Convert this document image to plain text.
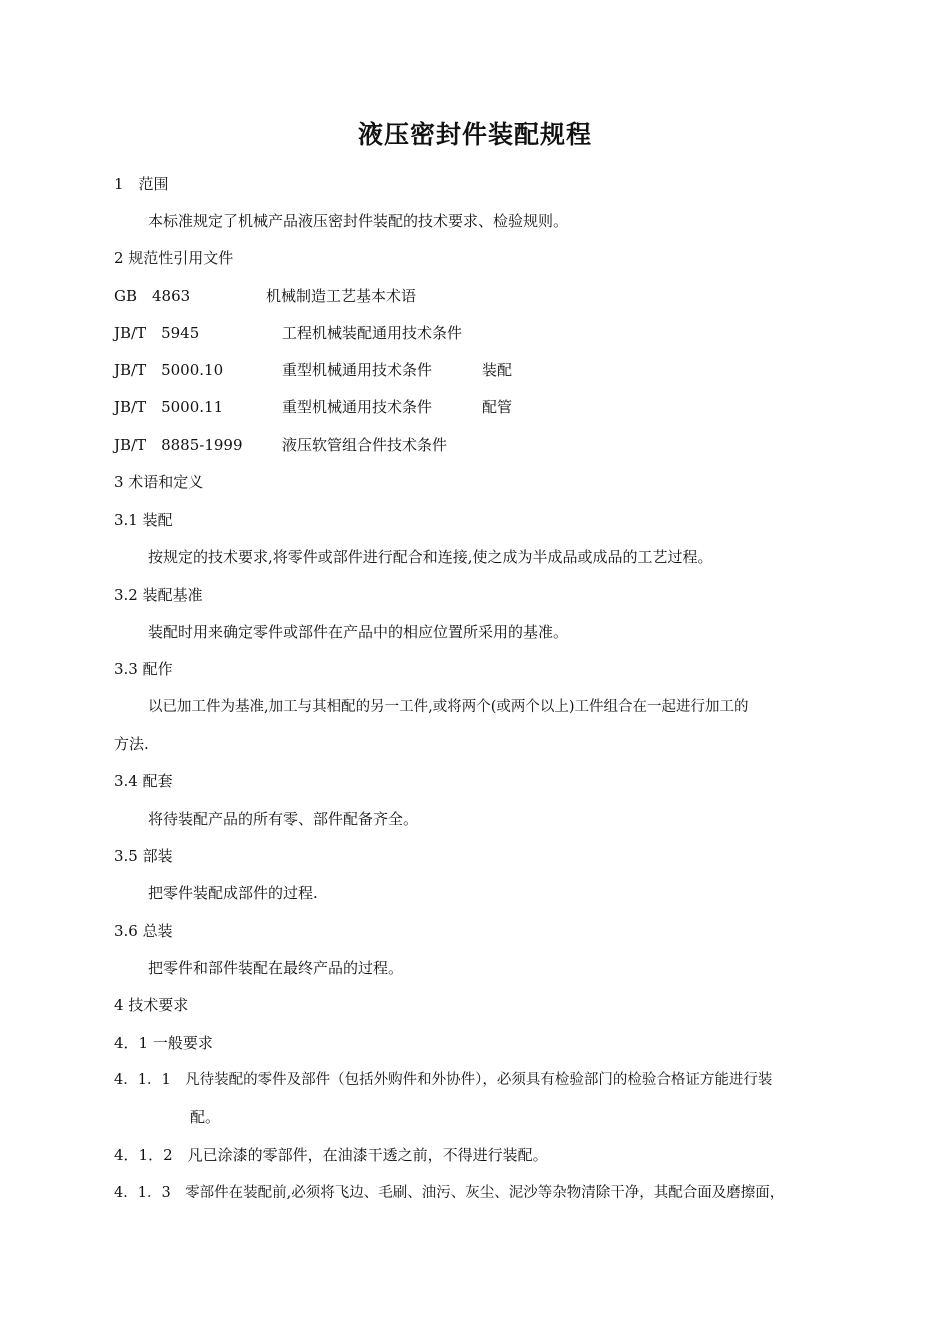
液压密封件装配规程
1　范围
本标准规定了机械产品液压密封件装配的技术要求、检验规则。
2 规范性引用文件
GB　4863	机械制造工艺基本术语
JB/T　5945	工程机械装配通用技术条件
JB/T　5000.10	重型机械通用技术条件	装配
JB/T　5000.11	重型机械通用技术条件	配管
JB/T　8885-1999	液压软管组合件技术条件
3 术语和定义
3.1 装配
按规定的技术要求,将零件或部件进行配合和连接,使之成为半成品或成品的工艺过程。
3.2 装配基准
装配时用来确定零件或部件在产品中的相应位置所采用的基准。
3.3 配作
以已加工件为基准,加工与其相配的另一工件,或将两个(或两个以上)工件组合在一起进行加工的
方法.
3.4 配套
将待装配产品的所有零、部件配备齐全。
3.5 部装
把零件装配成部件的过程.
3.6 总装
把零件和部件装配在最终产品的过程。
4 技术要求
4．1 一般要求
4．1．1　凡待装配的零件及部件（包括外购件和外协件），必须具有检验部门的检验合格证方能进行装
配。
4．1．2　凡已涂漆的零部件，在油漆干透之前，不得进行装配。
4．1．3　零部件在装配前,必须将飞边、毛刷、油污、灰尘、泥沙等杂物清除干净，其配合面及磨擦面，
